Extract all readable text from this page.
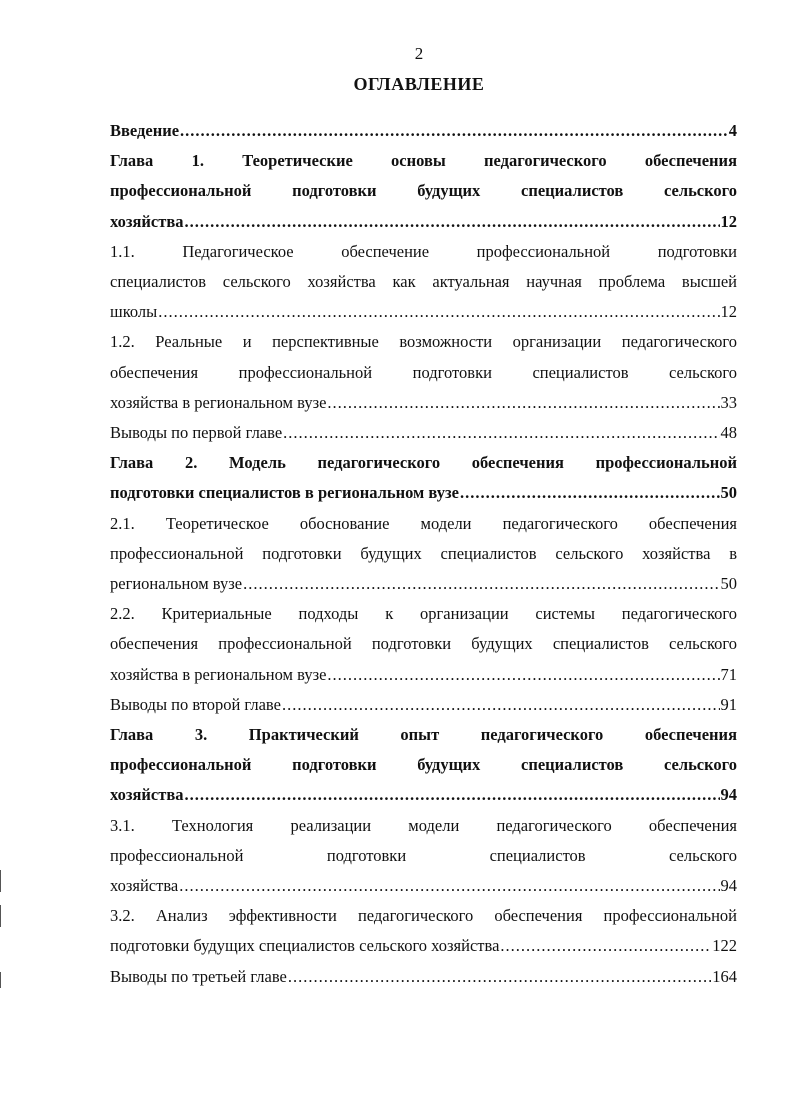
2
ОГЛАВЛЕНИЕ
Введение .....	4
Глава 1. Теоретические основы педагогического обеспечения
профессиональной подготовки будущих специалистов сельского
хозяйства .....	12
1.1. Педагогическое обеспечение профессиональной подготовки
специалистов сельского хозяйства как актуальная научная проблема высшей
школы .....	12
1.2. Реальные и перспективные возможности организации педагогического
обеспечения профессиональной подготовки специалистов сельского
хозяйства в региональном вузе .....	33
Выводы по первой главе .....	48
Глава 2. Модель педагогического обеспечения профессиональной
подготовки специалистов в региональном вузе .....	50
2.1. Теоретическое обоснование модели педагогического обеспечения
профессиональной подготовки будущих специалистов сельского хозяйства в
региональном вузе .....	50
2.2. Критериальные подходы к организации системы педагогического
обеспечения профессиональной подготовки будущих специалистов сельского
хозяйства в региональном вузе .....	71
Выводы по второй главе .....	91
Глава 3. Практический опыт педагогического обеспечения
профессиональной подготовки будущих специалистов сельского
хозяйства .....	94
3.1. Технология реализации модели педагогического обеспечения
профессиональной подготовки специалистов сельского
хозяйства .....	94
3.2. Анализ эффективности педагогического обеспечения профессиональной
подготовки будущих специалистов сельского хозяйства .....	122
Выводы по третьей главе .....	164
